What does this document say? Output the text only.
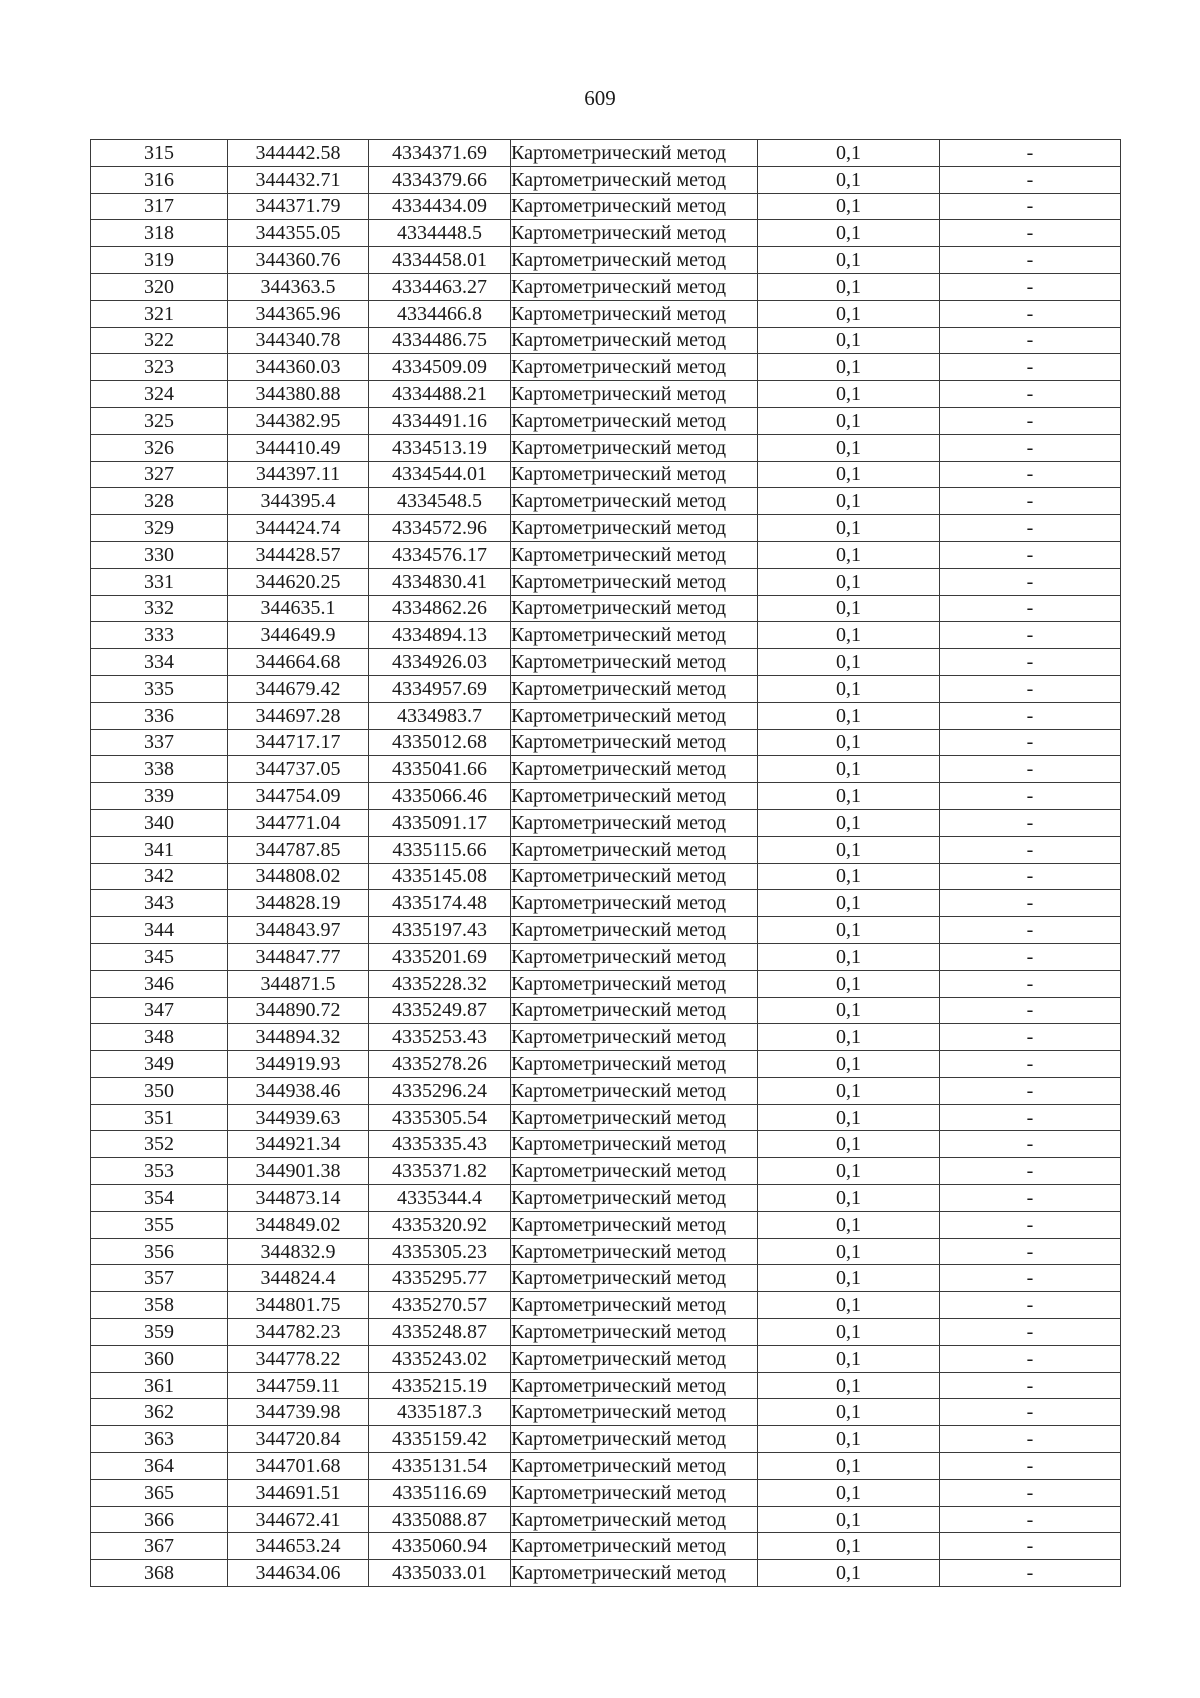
609
315	344442.58	4334371.69	Картометрический метод	0,1	-
316	344432.71	4334379.66	Картометрический метод	0,1	-
317	344371.79	4334434.09	Картометрический метод	0,1	-
318	344355.05	4334448.5	Картометрический метод	0,1	-
319	344360.76	4334458.01	Картометрический метод	0,1	-
320	344363.5	4334463.27	Картометрический метод	0,1	-
321	344365.96	4334466.8	Картометрический метод	0,1	-
322	344340.78	4334486.75	Картометрический метод	0,1	-
323	344360.03	4334509.09	Картометрический метод	0,1	-
324	344380.88	4334488.21	Картометрический метод	0,1	-
325	344382.95	4334491.16	Картометрический метод	0,1	-
326	344410.49	4334513.19	Картометрический метод	0,1	-
327	344397.11	4334544.01	Картометрический метод	0,1	-
328	344395.4	4334548.5	Картометрический метод	0,1	-
329	344424.74	4334572.96	Картометрический метод	0,1	-
330	344428.57	4334576.17	Картометрический метод	0,1	-
331	344620.25	4334830.41	Картометрический метод	0,1	-
332	344635.1	4334862.26	Картометрический метод	0,1	-
333	344649.9	4334894.13	Картометрический метод	0,1	-
334	344664.68	4334926.03	Картометрический метод	0,1	-
335	344679.42	4334957.69	Картометрический метод	0,1	-
336	344697.28	4334983.7	Картометрический метод	0,1	-
337	344717.17	4335012.68	Картометрический метод	0,1	-
338	344737.05	4335041.66	Картометрический метод	0,1	-
339	344754.09	4335066.46	Картометрический метод	0,1	-
340	344771.04	4335091.17	Картометрический метод	0,1	-
341	344787.85	4335115.66	Картометрический метод	0,1	-
342	344808.02	4335145.08	Картометрический метод	0,1	-
343	344828.19	4335174.48	Картометрический метод	0,1	-
344	344843.97	4335197.43	Картометрический метод	0,1	-
345	344847.77	4335201.69	Картометрический метод	0,1	-
346	344871.5	4335228.32	Картометрический метод	0,1	-
347	344890.72	4335249.87	Картометрический метод	0,1	-
348	344894.32	4335253.43	Картометрический метод	0,1	-
349	344919.93	4335278.26	Картометрический метод	0,1	-
350	344938.46	4335296.24	Картометрический метод	0,1	-
351	344939.63	4335305.54	Картометрический метод	0,1	-
352	344921.34	4335335.43	Картометрический метод	0,1	-
353	344901.38	4335371.82	Картометрический метод	0,1	-
354	344873.14	4335344.4	Картометрический метод	0,1	-
355	344849.02	4335320.92	Картометрический метод	0,1	-
356	344832.9	4335305.23	Картометрический метод	0,1	-
357	344824.4	4335295.77	Картометрический метод	0,1	-
358	344801.75	4335270.57	Картометрический метод	0,1	-
359	344782.23	4335248.87	Картометрический метод	0,1	-
360	344778.22	4335243.02	Картометрический метод	0,1	-
361	344759.11	4335215.19	Картометрический метод	0,1	-
362	344739.98	4335187.3	Картометрический метод	0,1	-
363	344720.84	4335159.42	Картометрический метод	0,1	-
364	344701.68	4335131.54	Картометрический метод	0,1	-
365	344691.51	4335116.69	Картометрический метод	0,1	-
366	344672.41	4335088.87	Картометрический метод	0,1	-
367	344653.24	4335060.94	Картометрический метод	0,1	-
368	344634.06	4335033.01	Картометрический метод	0,1	-
